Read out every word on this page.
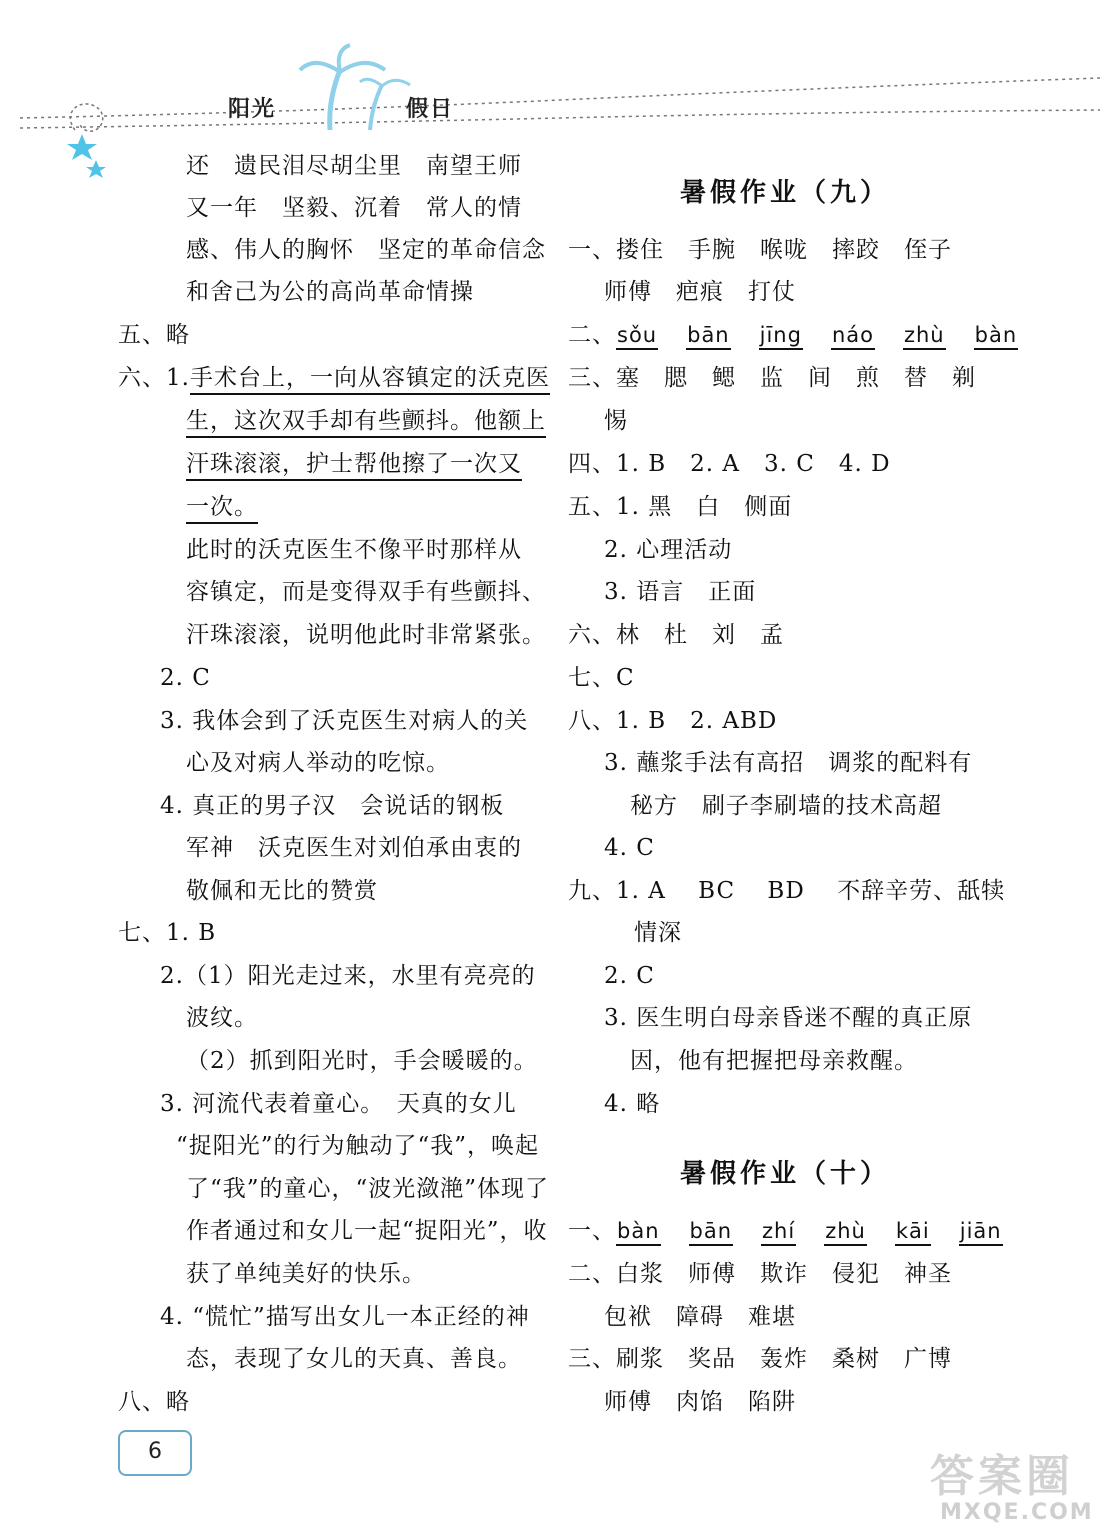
阳光	假日
还　遗民泪尽胡尘里　南望王师
又一年　坚毅、沉着　常人的情
感、伟人的胸怀　坚定的革命信念
和舍己为公的高尚革命情操
五、略
六、1.手术台上，一向从容镇定的沃克医
生，这次双手却有些颤抖。他额上
汗珠滚滚，护士帮他擦了一次又
一次。
此时的沃克医生不像平时那样从
容镇定，而是变得双手有些颤抖、
汗珠滚滚，说明他此时非常紧张。
2. C
3. 我体会到了沃克医生对病人的关
心及对病人举动的吃惊。
4. 真正的男子汉　会说话的钢板
军神　沃克医生对刘伯承由衷的
敬佩和无比的赞赏
七、1. B
2.（1）阳光走过来，水里有亮亮的
波纹。
（2）抓到阳光时，手会暖暖的。
3. 河流代表着童心。　天真的女儿
“捉阳光”的行为触动了“我”，唤起
了“我”的童心，“波光潋滟”体现了
作者通过和女儿一起“捉阳光”，收
获了单纯美好的快乐。
4. “慌忙”描写出女儿一本正经的神
态，表现了女儿的天真、善良。
八、略
暑假作业（九）
一、搂住　手腕　喉咙　摔跤　侄子
师傅　疤痕　打仗
二、sǒu bān jīng náo zhù bàn
三、塞　腮　鳃　监　间　煎　替　剃
惕
四、1. B　2. A　3. C　4. D
五、1. 黑　白　侧面
2. 心理活动
3. 语言　正面
六、林　杜　刘　孟
七、C
八、1. B　2. ABD
3. 蘸浆手法有高招　调浆的配料有
秘方　刷子李刷墙的技术高超
4. C
九、1. A　 BC　 BD　 不辞辛劳、舐犊
情深
2. C
3. 医生明白母亲昏迷不醒的真正原
因，他有把握把母亲救醒。
4. 略
暑假作业（十）
一、bàn bān zhí zhù kāi jiān
二、白浆　师傅　欺诈　侵犯　神圣
包袱　障碍　难堪
三、刷浆　奖品　轰炸　桑树　广博
师傅　肉馅　陷阱
6	答案圈
MXQE.COM
